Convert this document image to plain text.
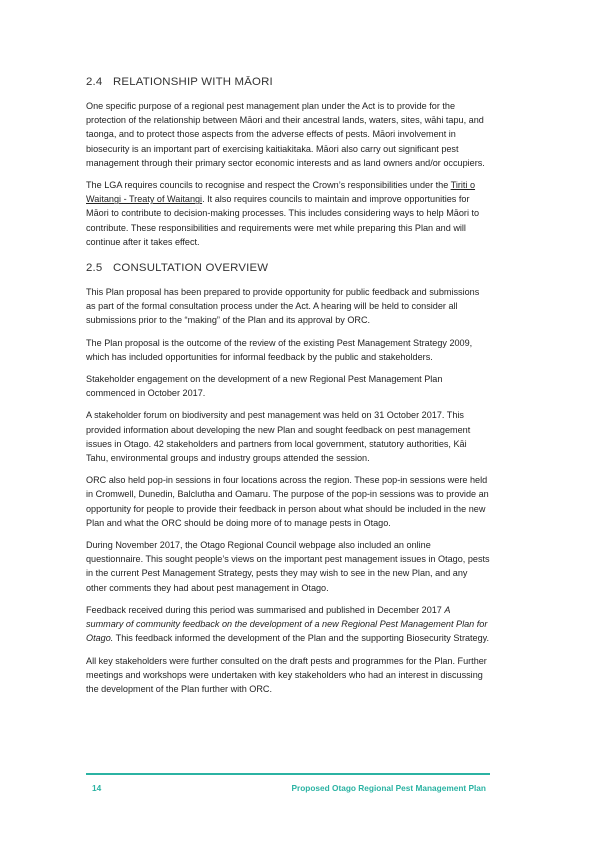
2.4 RELATIONSHIP WITH MĀORI

One specific purpose of a regional pest management plan under the Act is to provide for the protection of the relationship between Māori and their ancestral lands, waters, sites, wāhi tapu, and taonga, and to protect those aspects from the adverse effects of pests. Māori involvement in biosecurity is an important part of exercising kaitiakitaka. Māori also carry out significant pest management through their primary sector economic interests and as land owners and/or occupiers.

The LGA requires councils to recognise and respect the Crown’s responsibilities under the Tiriti o Waitangi - Treaty of Waitangi. It also requires councils to maintain and improve opportunities for Māori to contribute to decision-making processes. This includes considering ways to help Māori to contribute. These responsibilities and requirements were met while preparing this Plan and will continue after it takes effect.

2.5 CONSULTATION OVERVIEW

This Plan proposal has been prepared to provide opportunity for public feedback and submissions as part of the formal consultation process under the Act. A hearing will be held to consider all submissions prior to the “making” of the Plan and its approval by ORC.

The Plan proposal is the outcome of the review of the existing Pest Management Strategy 2009, which has included opportunities for informal feedback by the public and stakeholders.

Stakeholder engagement on the development of a new Regional Pest Management Plan commenced in October 2017.

A stakeholder forum on biodiversity and pest management was held on 31 October 2017. This provided information about developing the new Plan and sought feedback on pest management issues in Otago. 42 stakeholders and partners from local government, statutory authorities, Kāi Tahu, environmental groups and industry groups attended the session.

ORC also held pop-in sessions in four locations across the region. These pop-in sessions were held in Cromwell, Dunedin, Balclutha and Oamaru. The purpose of the pop-in sessions was to provide an opportunity for people to provide their feedback in person about what should be included in the new Plan and what the ORC should be doing more of to manage pests in Otago.

During November 2017, the Otago Regional Council webpage also included an online questionnaire. This sought people’s views on the important pest management issues in Otago, pests in the current Pest Management Strategy, pests they may wish to see in the new Plan, and any other comments they had about pest management in Otago.

Feedback received during this period was summarised and published in December 2017 A summary of community feedback on the development of a new Regional Pest Management Plan for Otago. This feedback informed the development of the Plan and the supporting Biosecurity Strategy.

All key stakeholders were further consulted on the draft pests and programmes for the Plan. Further meetings and workshops were undertaken with key stakeholders who had an interest in discussing the development of the Plan further with ORC.

14	Proposed Otago Regional Pest Management Plan
